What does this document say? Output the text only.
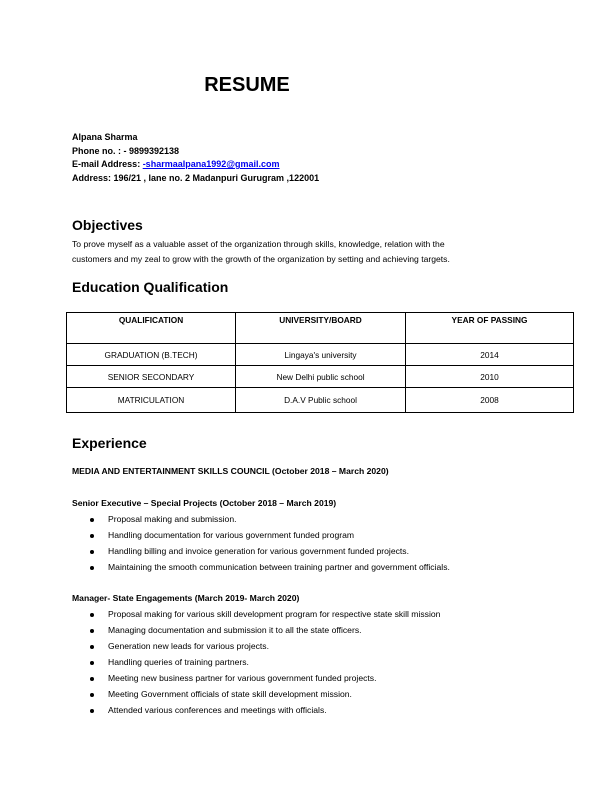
RESUME
Alpana Sharma
Phone no. : - 9899392138
E-mail Address: -sharmaalpana1992@gmail.com
Address: 196/21 , lane no. 2 Madanpuri Gurugram ,122001
Objectives
To prove myself as a valuable asset of the organization through skills, knowledge, relation with the
customers and my zeal to grow with the growth of the organization by setting and achieving targets.
Education Qualification
QUALIFICATION	UNIVERSITY/BOARD	YEAR OF PASSING
GRADUATION (B.TECH)	Lingaya's university	2014
SENIOR SECONDARY	New Delhi public school	2010
MATRICULATION	D.A.V Public school	2008
Experience
MEDIA AND ENTERTAINMENT SKILLS COUNCIL (October 2018 – March 2020)
Senior Executive – Special Projects (October 2018 – March 2019)
Proposal making and submission.
Handling documentation for various government funded program
Handling billing and invoice generation for various government funded projects.
Maintaining the smooth communication between training partner and government officials.
Manager- State Engagements (March 2019- March 2020)
Proposal making for various skill development program for respective state skill mission
Managing documentation and submission it to all the state officers.
Generation new leads for various projects.
Handling queries of training partners.
Meeting new business partner for various government funded projects.
Meeting Government officials of state skill development mission.
Attended various conferences and meetings with officials.
